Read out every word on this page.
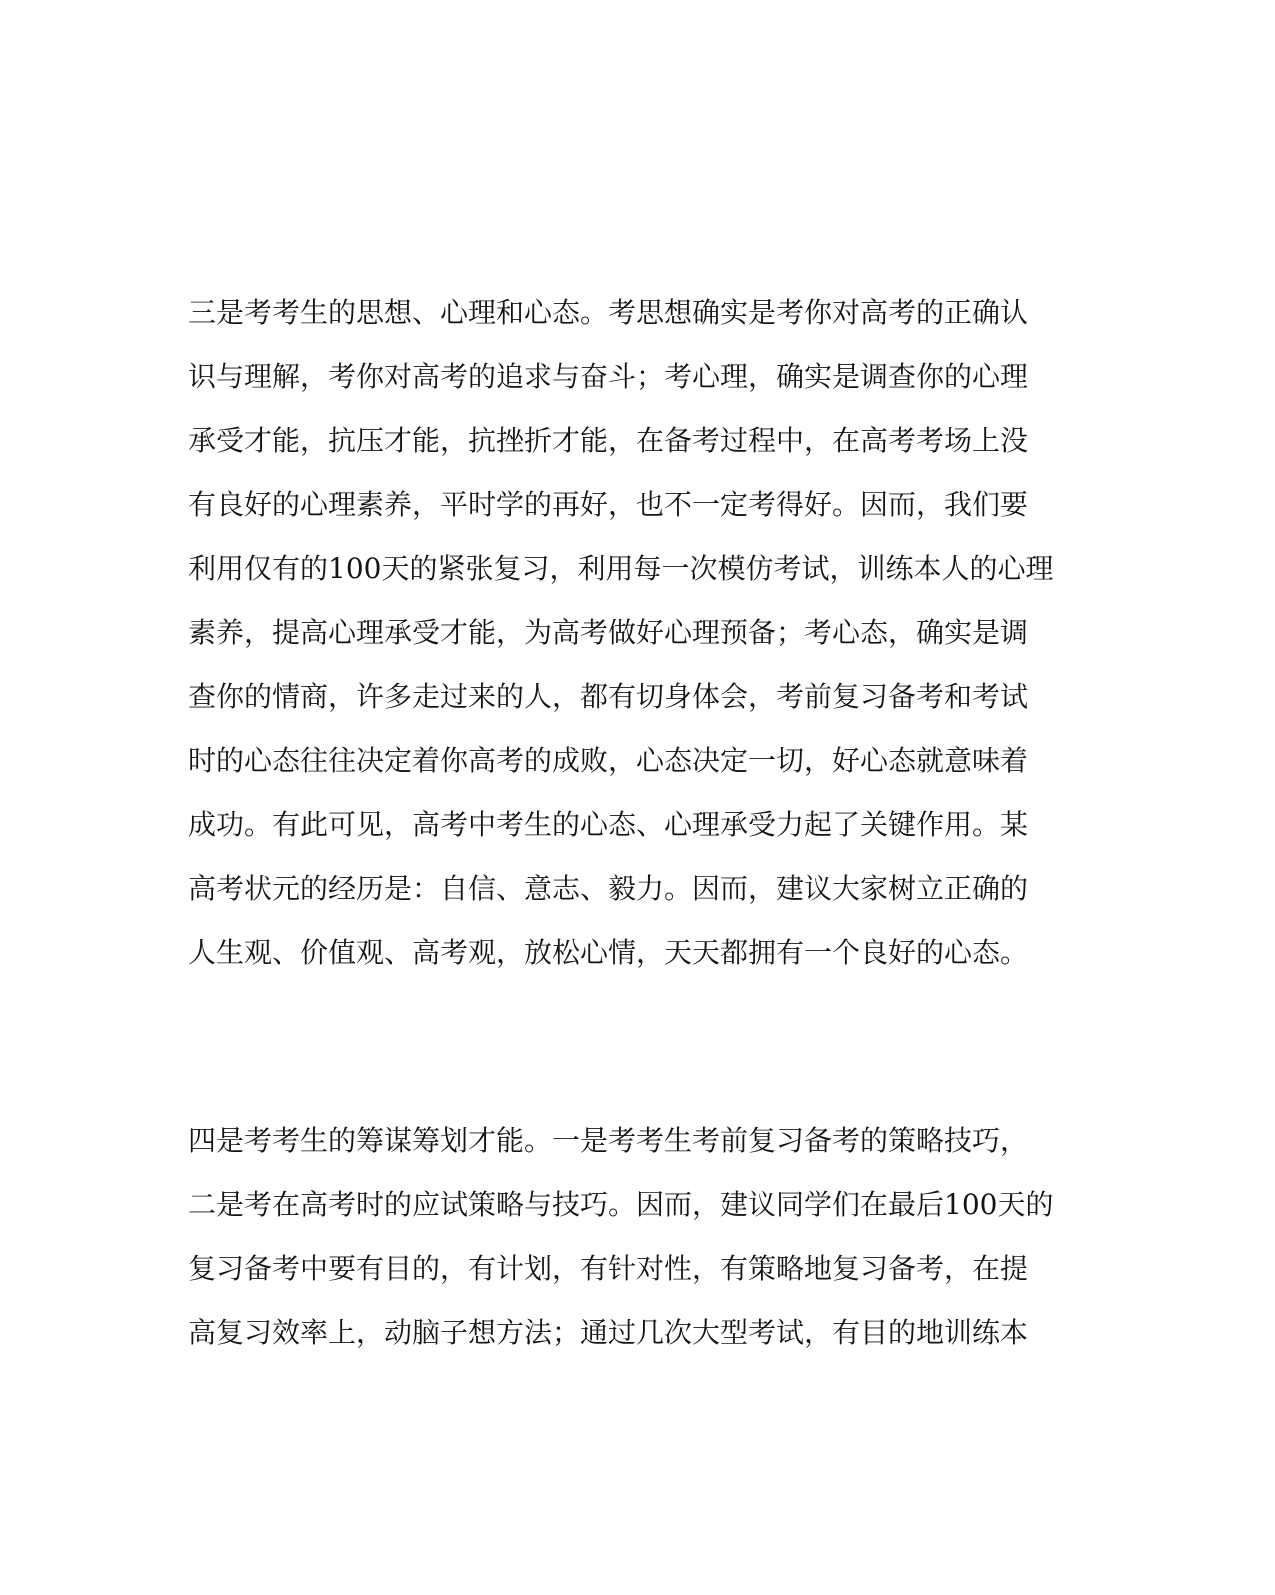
三是考考生的思想、心理和心态。考思想确实是考你对高考的正确认
识与理解，考你对高考的追求与奋斗；考心理，确实是调查你的心理
承受才能，抗压才能，抗挫折才能，在备考过程中，在高考考场上没
有良好的心理素养，平时学的再好，也不一定考得好。因而，我们要
利用仅有的100天的紧张复习，利用每一次模仿考试，训练本人的心理
素养，提高心理承受才能，为高考做好心理预备；考心态，确实是调
查你的情商，许多走过来的人，都有切身体会，考前复习备考和考试
时的心态往往决定着你高考的成败，心态决定一切，好心态就意味着
成功。有此可见，高考中考生的心态、心理承受力起了关键作用。某
高考状元的经历是：自信、意志、毅力。因而，建议大家树立正确的
人生观、价值观、高考观，放松心情，天天都拥有一个良好的心态。

四是考考生的筹谋筹划才能。一是考考生考前复习备考的策略技巧，
二是考在高考时的应试策略与技巧。因而，建议同学们在最后100天的
复习备考中要有目的，有计划，有针对性，有策略地复习备考，在提
高复习效率上，动脑子想方法；通过几次大型考试，有目的地训练本
